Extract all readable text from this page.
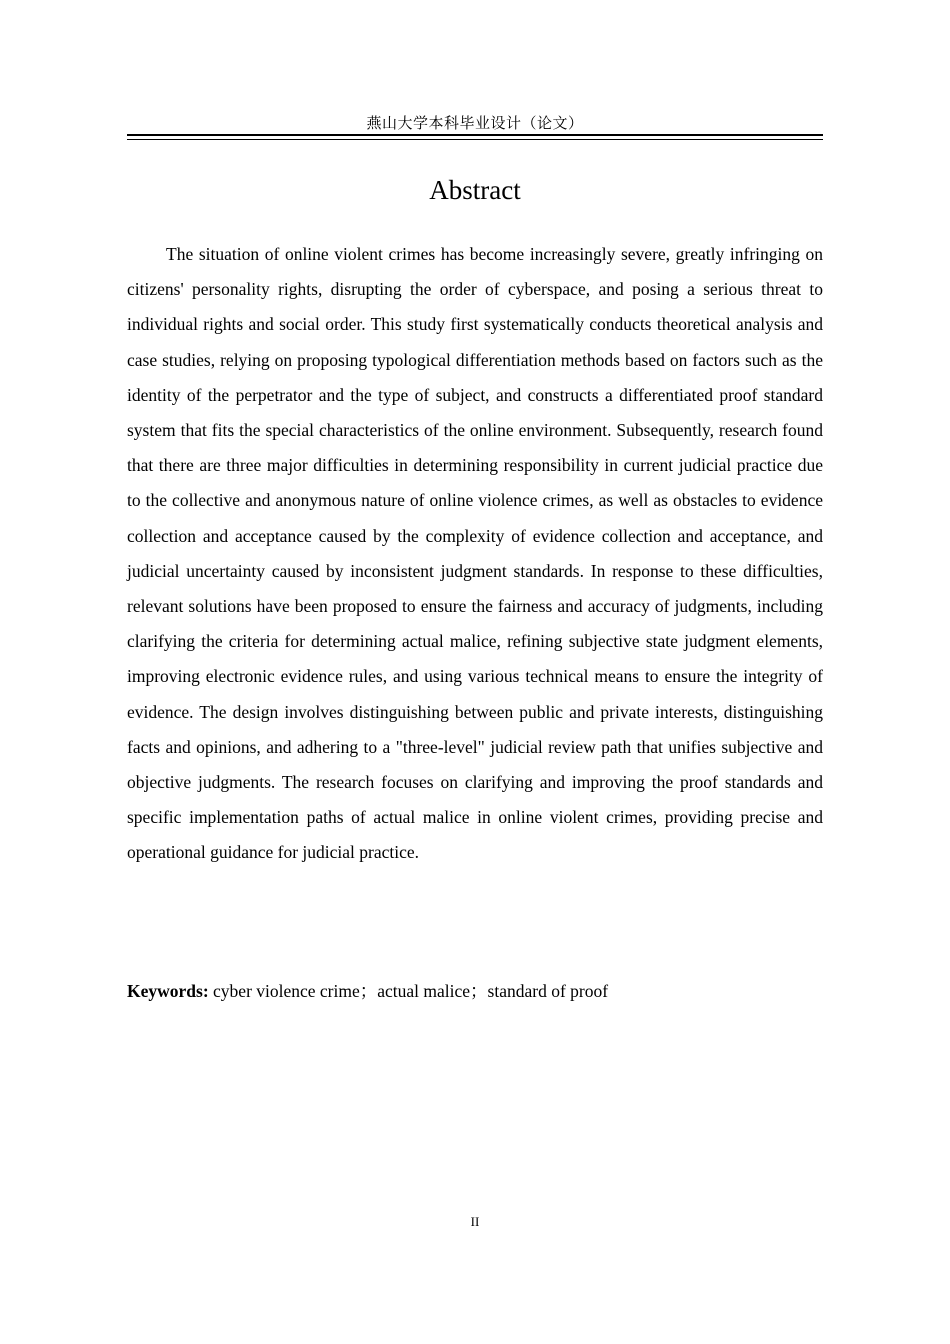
燕山大学本科毕业设计（论文）
Abstract

The situation of online violent crimes has become increasingly severe, greatly infringing on citizens' personality rights, disrupting the order of cyberspace, and posing a serious threat to individual rights and social order. This study first systematically conducts theoretical analysis and case studies, relying on proposing typological differentiation methods based on factors such as the identity of the perpetrator and the type of subject, and constructs a differentiated proof standard system that fits the special characteristics of the online environment. Subsequently, research found that there are three major difficulties in determining responsibility in current judicial practice due to the collective and anonymous nature of online violence crimes, as well as obstacles to evidence collection and acceptance caused by the complexity of evidence collection and acceptance, and judicial uncertainty caused by inconsistent judgment standards. In response to these difficulties, relevant solutions have been proposed to ensure the fairness and accuracy of judgments, including clarifying the criteria for determining actual malice, refining subjective state judgment elements, improving electronic evidence rules, and using various technical means to ensure the integrity of evidence. The design involves distinguishing between public and private interests, distinguishing facts and opinions, and adhering to a "three-level" judicial review path that unifies subjective and objective judgments. The research focuses on clarifying and improving the proof standards and specific implementation paths of actual malice in online violent crimes, providing precise and operational guidance for judicial practice.

Keywords: cyber violence crime；actual malice；standard of proof
II
